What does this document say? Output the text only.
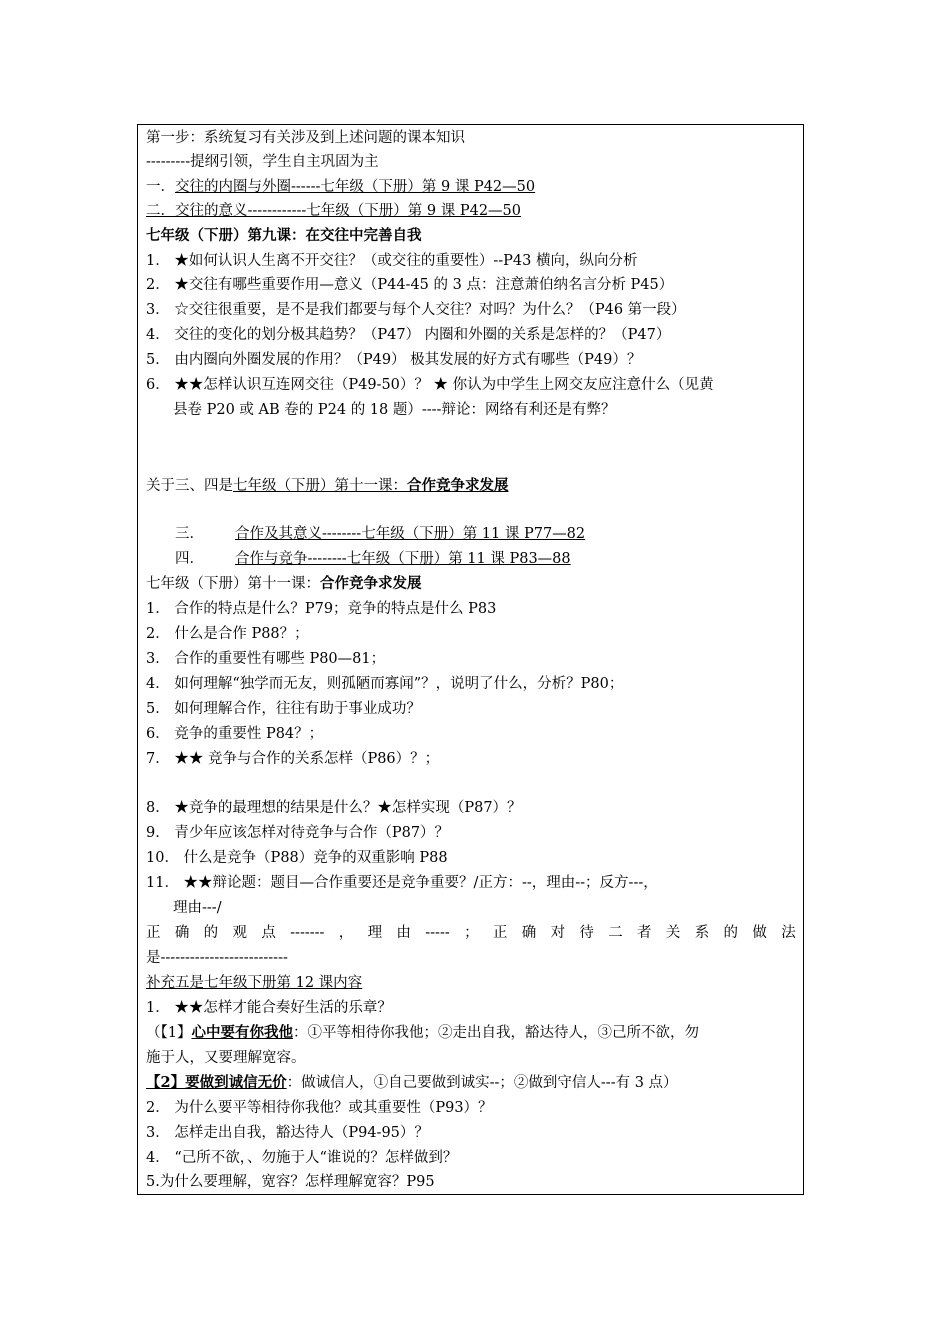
第一步：系统复习有关涉及到上述问题的课本知识
---------提纲引领，学生自主巩固为主
一．交往的内圈与外圈------七年级（下册）第 9 课 P42—50
二．交往的意义------------七年级（下册）第 9 课 P42—50
七年级（下册）第九课：在交往中完善自我
1． ★如何认识人生离不开交往？（或交往的重要性）--P43 横向，纵向分析
2． ★交往有哪些重要作用—意义（P44-45 的 3 点：注意萧伯纳名言分析 P45）
3． ☆交往很重要，是不是我们都要与每个人交往？对吗？为什么？（P46 第一段）
4． 交往的变化的划分极其趋势？（P47） 内圈和外圈的关系是怎样的？（P47）
5． 由内圈向外圈发展的作用？（P49） 极其发展的好方式有哪些（P49）？
6． ★★怎样认识互连网交往（P49-50）？ ★ 你认为中学生上网交友应注意什么（见黄
县卷 P20 或 AB 卷的 P24 的 18 题）----辩论：网络有利还是有弊？
关于三、四是七年级（下册）第十一课：合作竞争求发展
三． 合作及其意义--------七年级（下册）第 11 课 P77—82
四． 合作与竞争--------七年级（下册）第 11 课 P83—88
七年级（下册）第十一课：合作竞争求发展
1． 合作的特点是什么？P79；竞争的特点是什么 P83
2． 什么是合作 P88？；
3． 合作的重要性有哪些 P80—81；
4． 如何理解“独学而无友，则孤陋而寡闻”？，说明了什么，分析？P80；
5． 如何理解合作，往往有助于事业成功？
6． 竞争的重要性 P84？；
7． ★★ 竞争与合作的关系怎样（P86）？；
8． ★竞争的最理想的结果是什么？★怎样实现（P87）？
9． 青少年应该怎样对待竞争与合作（P87）？
10． 什么是竞争（P88）竞争的双重影响 P88
11． ★★辩论题：题目—合作重要还是竞争重要？/正方：--，理由--；反方---，
理由---/
正 确 的 观 点 ------- ， 理 由 ----- ； 正 确 对 待 二 者 关 系 的 做 法
是--------------------------
补充五是七年级下册第 12 课内容
1． ★★怎样才能合奏好生活的乐章？
（【1】心中要有你我他：①平等相待你我他；②走出自我，豁达待人，③己所不欲，勿
施于人，又要理解宽容。
【2】要做到诚信无价：做诚信人，①自己要做到诚实--；②做到守信人---有 3 点）
2． 为什么要平等相待你我他？或其重要性（P93）？
3． 怎样走出自我，豁达待人（P94-95）？
4． “己所不欲，、勿施于人“谁说的？怎样做到？
5.为什么要理解，宽容？怎样理解宽容？P95
